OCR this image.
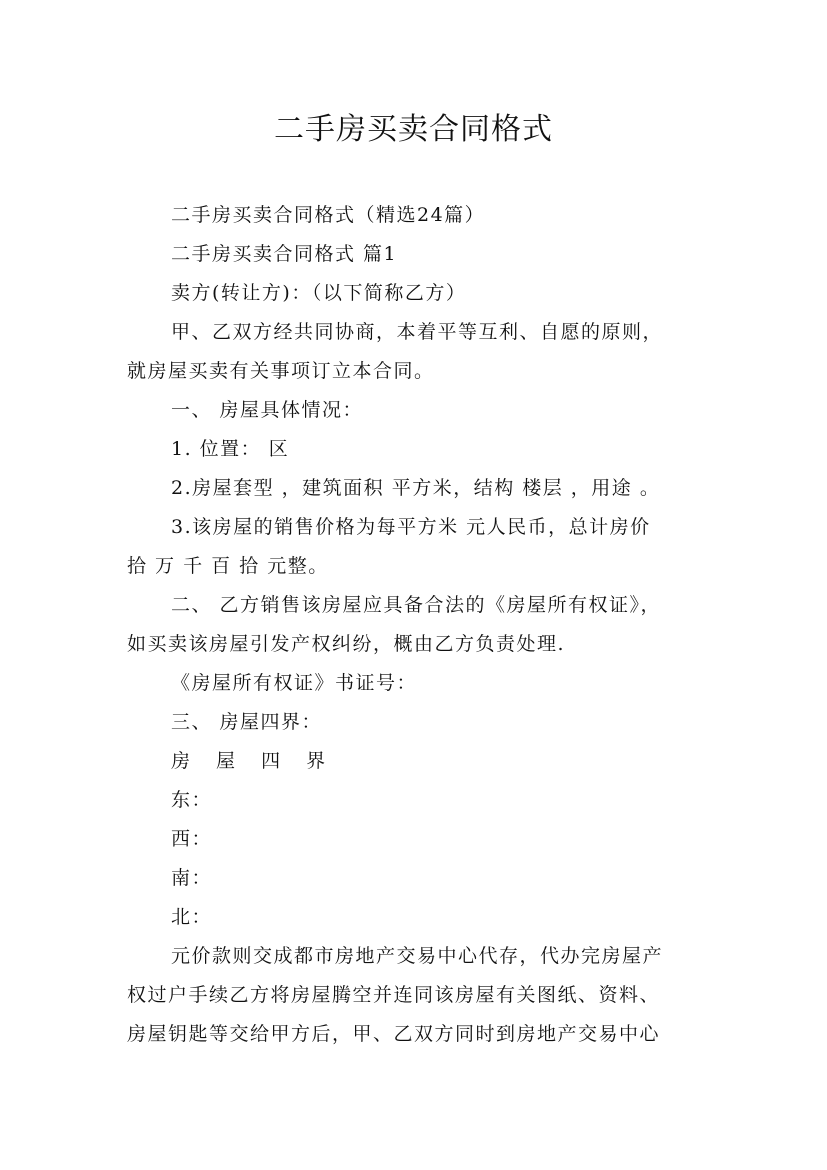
二手房买卖合同格式
二手房买卖合同格式（精选24篇）
二手房买卖合同格式 篇1
卖方(转让方)：（以下简称乙方）
甲、乙双方经共同协商，本着平等互利、自愿的原则，
就房屋买卖有关事项订立本合同。
一、 房屋具体情况：
1. 位置： 区
2.房屋套型 ，建筑面积 平方米，结构 楼层 ，用途 。
3.该房屋的销售价格为每平方米 元人民币，总计房价
拾 万 千 百 拾 元整。
二、 乙方销售该房屋应具备合法的《房屋所有权证》，
如买卖该房屋引发产权纠纷，概由乙方负责处理.
《房屋所有权证》书证号：
三、 房屋四界：
房 屋 四 界
东：
西：
南：
北：
元价款则交成都市房地产交易中心代存，代办完房屋产
权过户手续乙方将房屋腾空并连同该房屋有关图纸、资料、
房屋钥匙等交给甲方后，甲、乙双方同时到房地产交易中心
